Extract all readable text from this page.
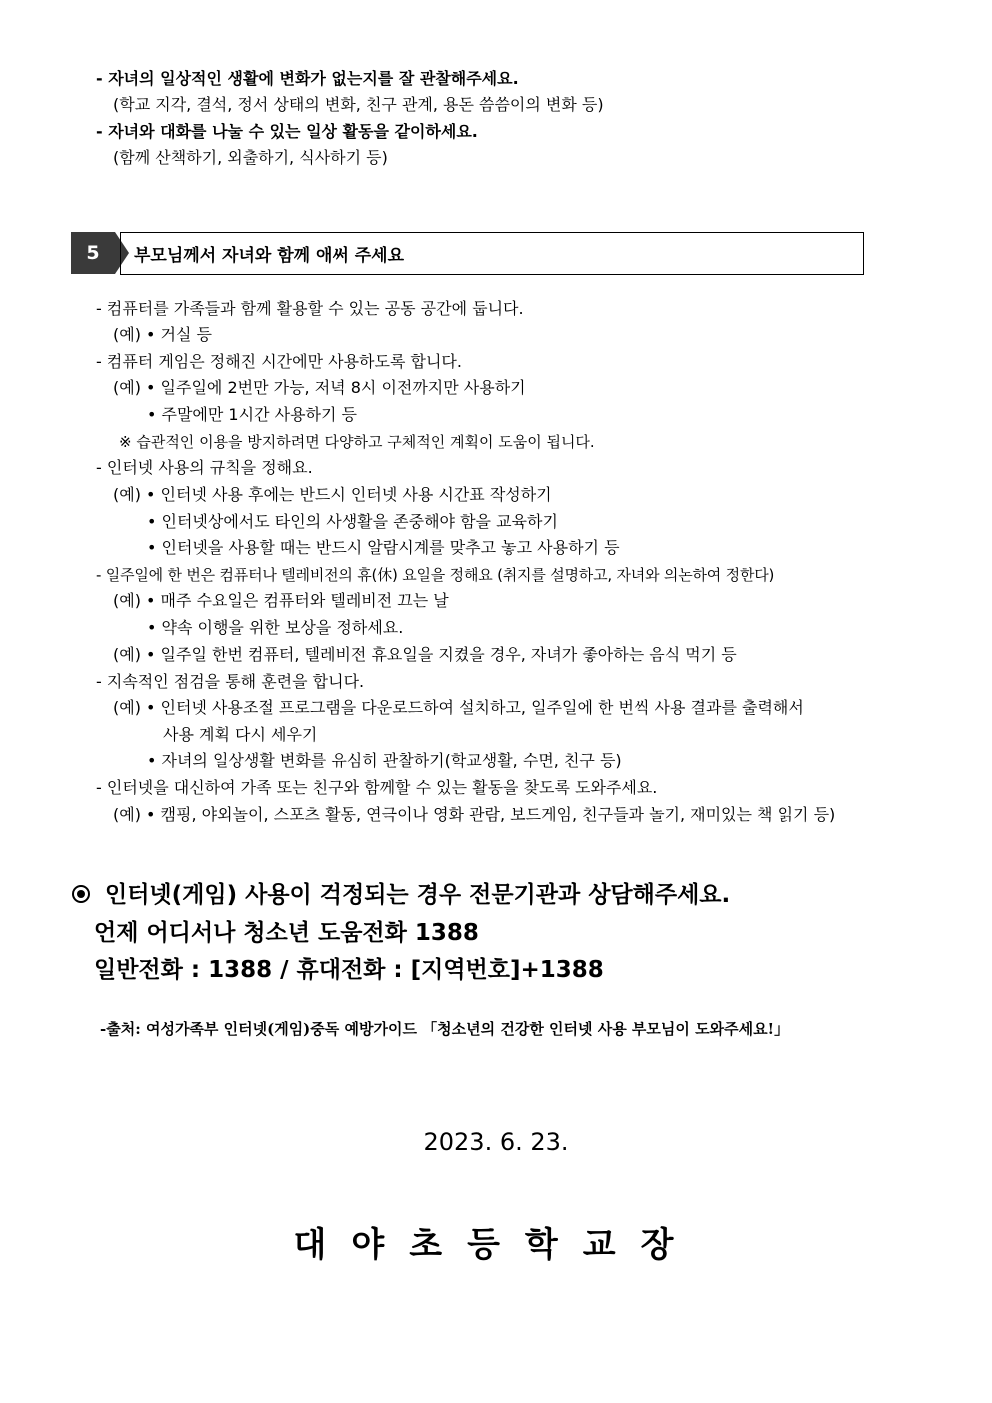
- 자녀의 일상적인 생활에 변화가 없는지를 잘 관찰해주세요.
(학교 지각, 결석, 정서 상태의 변화, 친구 관계, 용돈 씀씀이의 변화 등)
- 자녀와 대화를 나눌 수 있는 일상 활동을 같이하세요.
(함께 산책하기, 외출하기, 식사하기 등)
5	부모님께서 자녀와 함께 애써 주세요
- 컴퓨터를 가족들과 함께 활용할 수 있는 공동 공간에 둡니다.
(예) • 거실 등
- 컴퓨터 게임은 정해진 시간에만 사용하도록 합니다.
(예) • 일주일에 2번만 가능, 저녁 8시 이전까지만 사용하기
• 주말에만 1시간 사용하기 등
※ 습관적인 이용을 방지하려면 다양하고 구체적인 계획이 도움이 됩니다.
- 인터넷 사용의 규칙을 정해요.
(예) • 인터넷 사용 후에는 반드시 인터넷 사용 시간표 작성하기
• 인터넷상에서도 타인의 사생활을 존중해야 함을 교육하기
• 인터넷을 사용할 때는 반드시 알람시계를 맞추고 놓고 사용하기 등
- 일주일에 한 번은 컴퓨터나 텔레비전의 휴(休) 요일을 정해요 (취지를 설명하고, 자녀와 의논하여 정한다)
(예) • 매주 수요일은 컴퓨터와 텔레비전 끄는 날
• 약속 이행을 위한 보상을 정하세요.
(예) • 일주일 한번 컴퓨터, 텔레비전 휴요일을 지켰을 경우, 자녀가 좋아하는 음식 먹기 등
- 지속적인 점검을 통해 훈련을 합니다.
(예) • 인터넷 사용조절 프로그램을 다운로드하여 설치하고, 일주일에 한 번씩 사용 결과를 출력해서
사용 계획 다시 세우기
• 자녀의 일상생활 변화를 유심히 관찰하기(학교생활, 수면, 친구 등)
- 인터넷을 대신하여 가족 또는 친구와 함께할 수 있는 활동을 찾도록 도와주세요.
(예) • 캠핑, 야외놀이, 스포츠 활동, 연극이나 영화 관람, 보드게임, 친구들과 놀기, 재미있는 책 읽기 등)
인터넷(게임) 사용이 걱정되는 경우 전문기관과 상담해주세요.
언제 어디서나 청소년 도움전화 1388
일반전화 : 1388 / 휴대전화 : [지역번호]+1388
-출처: 여성가족부 인터넷(게임)중독 예방가이드 「청소년의 건강한 인터넷 사용 부모님이 도와주세요!」
2023. 6. 23.
대야초등학교장
